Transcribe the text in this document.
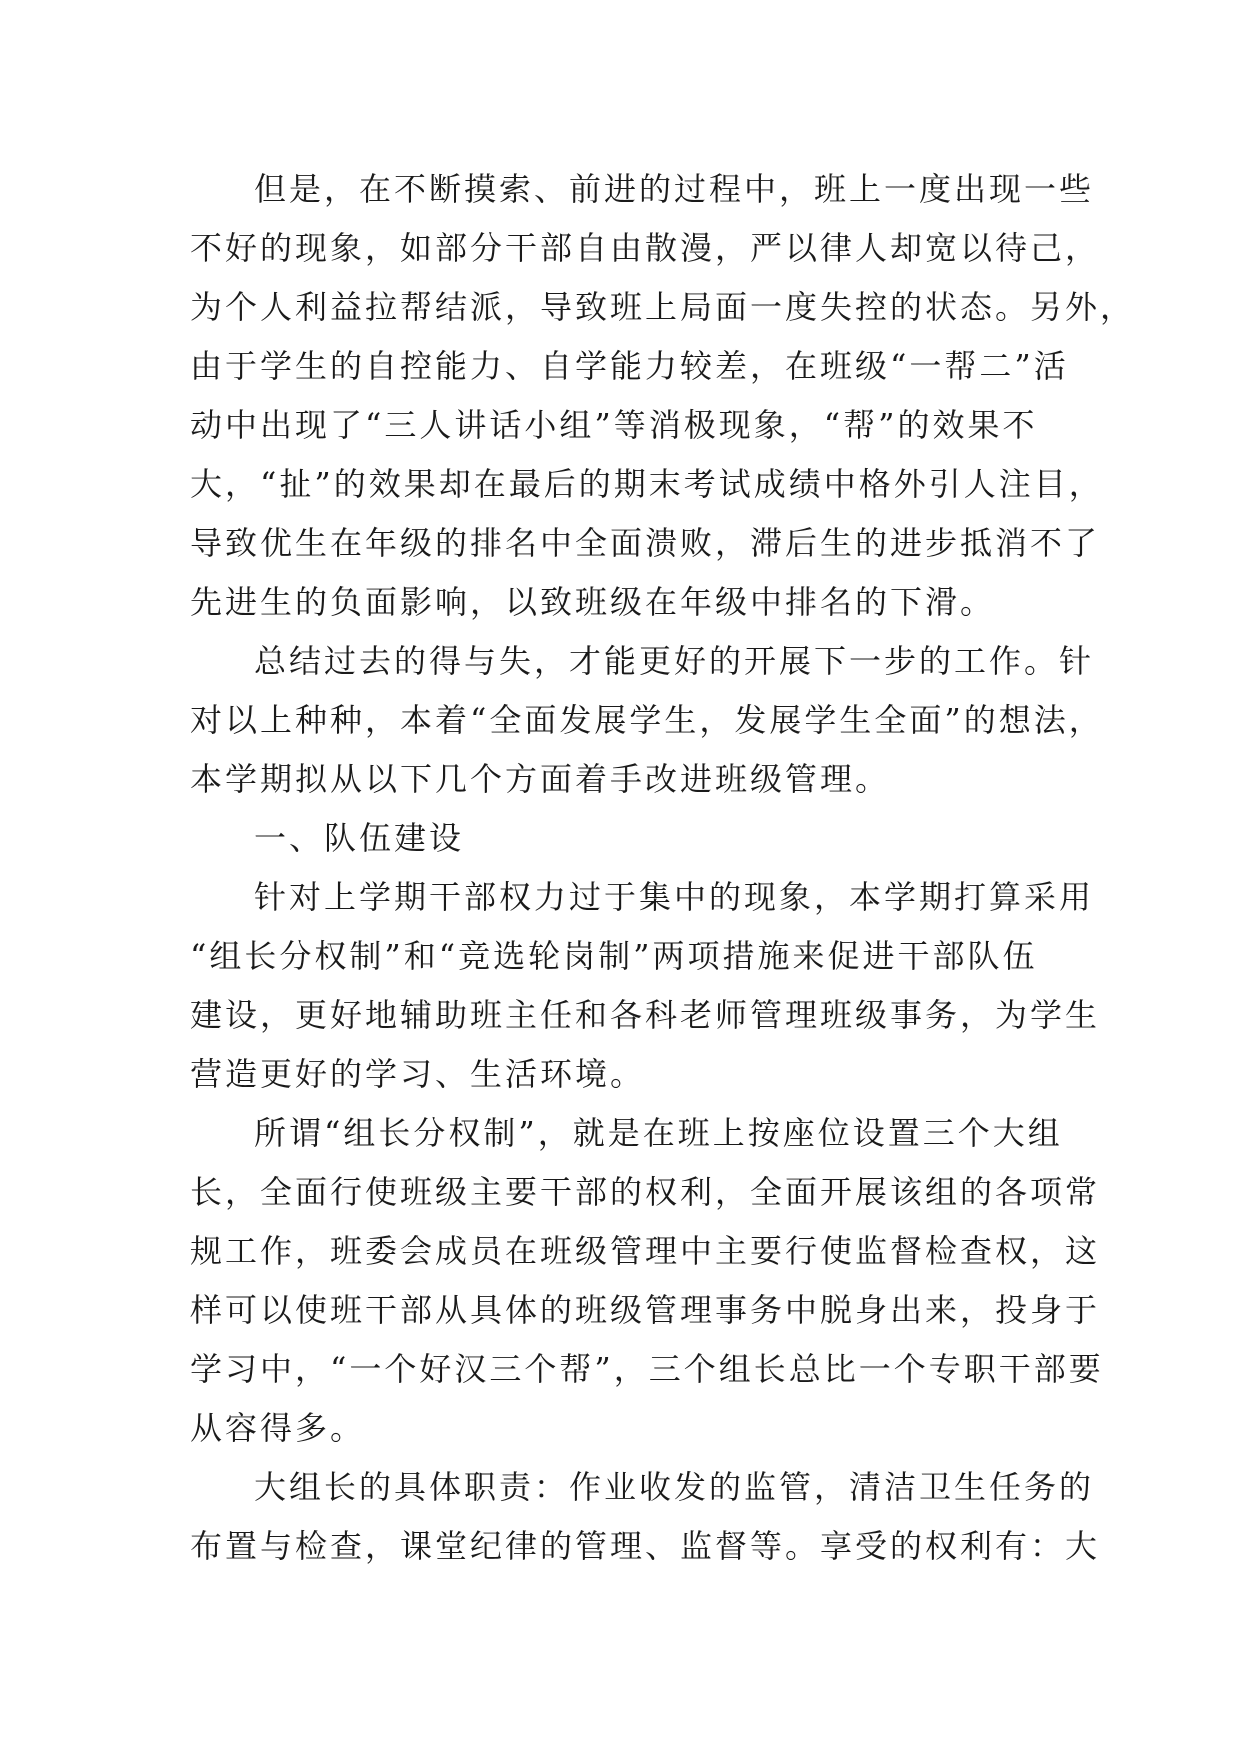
但是，在不断摸索、前进的过程中，班上一度出现一些
不好的现象，如部分干部自由散漫，严以律人却宽以待己，
为个人利益拉帮结派，导致班上局面一度失控的状态。另外，
由于学生的自控能力、自学能力较差，在班级“一帮二”活
动中出现了“三人讲话小组”等消极现象，“帮”的效果不
大，“扯”的效果却在最后的期末考试成绩中格外引人注目，
导致优生在年级的排名中全面溃败，滞后生的进步抵消不了
先进生的负面影响，以致班级在年级中排名的下滑。
总结过去的得与失，才能更好的开展下一步的工作。针
对以上种种，本着“全面发展学生，发展学生全面”的想法，
本学期拟从以下几个方面着手改进班级管理。
一、队伍建设
针对上学期干部权力过于集中的现象，本学期打算采用
“组长分权制”和“竞选轮岗制”两项措施来促进干部队伍
建设，更好地辅助班主任和各科老师管理班级事务，为学生
营造更好的学习、生活环境。
所谓“组长分权制”，就是在班上按座位设置三个大组
长，全面行使班级主要干部的权利，全面开展该组的各项常
规工作，班委会成员在班级管理中主要行使监督检查权，这
样可以使班干部从具体的班级管理事务中脱身出来，投身于
学习中，“一个好汉三个帮”，三个组长总比一个专职干部要
从容得多。
大组长的具体职责：作业收发的监管，清洁卫生任务的
布置与检查，课堂纪律的管理、监督等。享受的权利有：大
